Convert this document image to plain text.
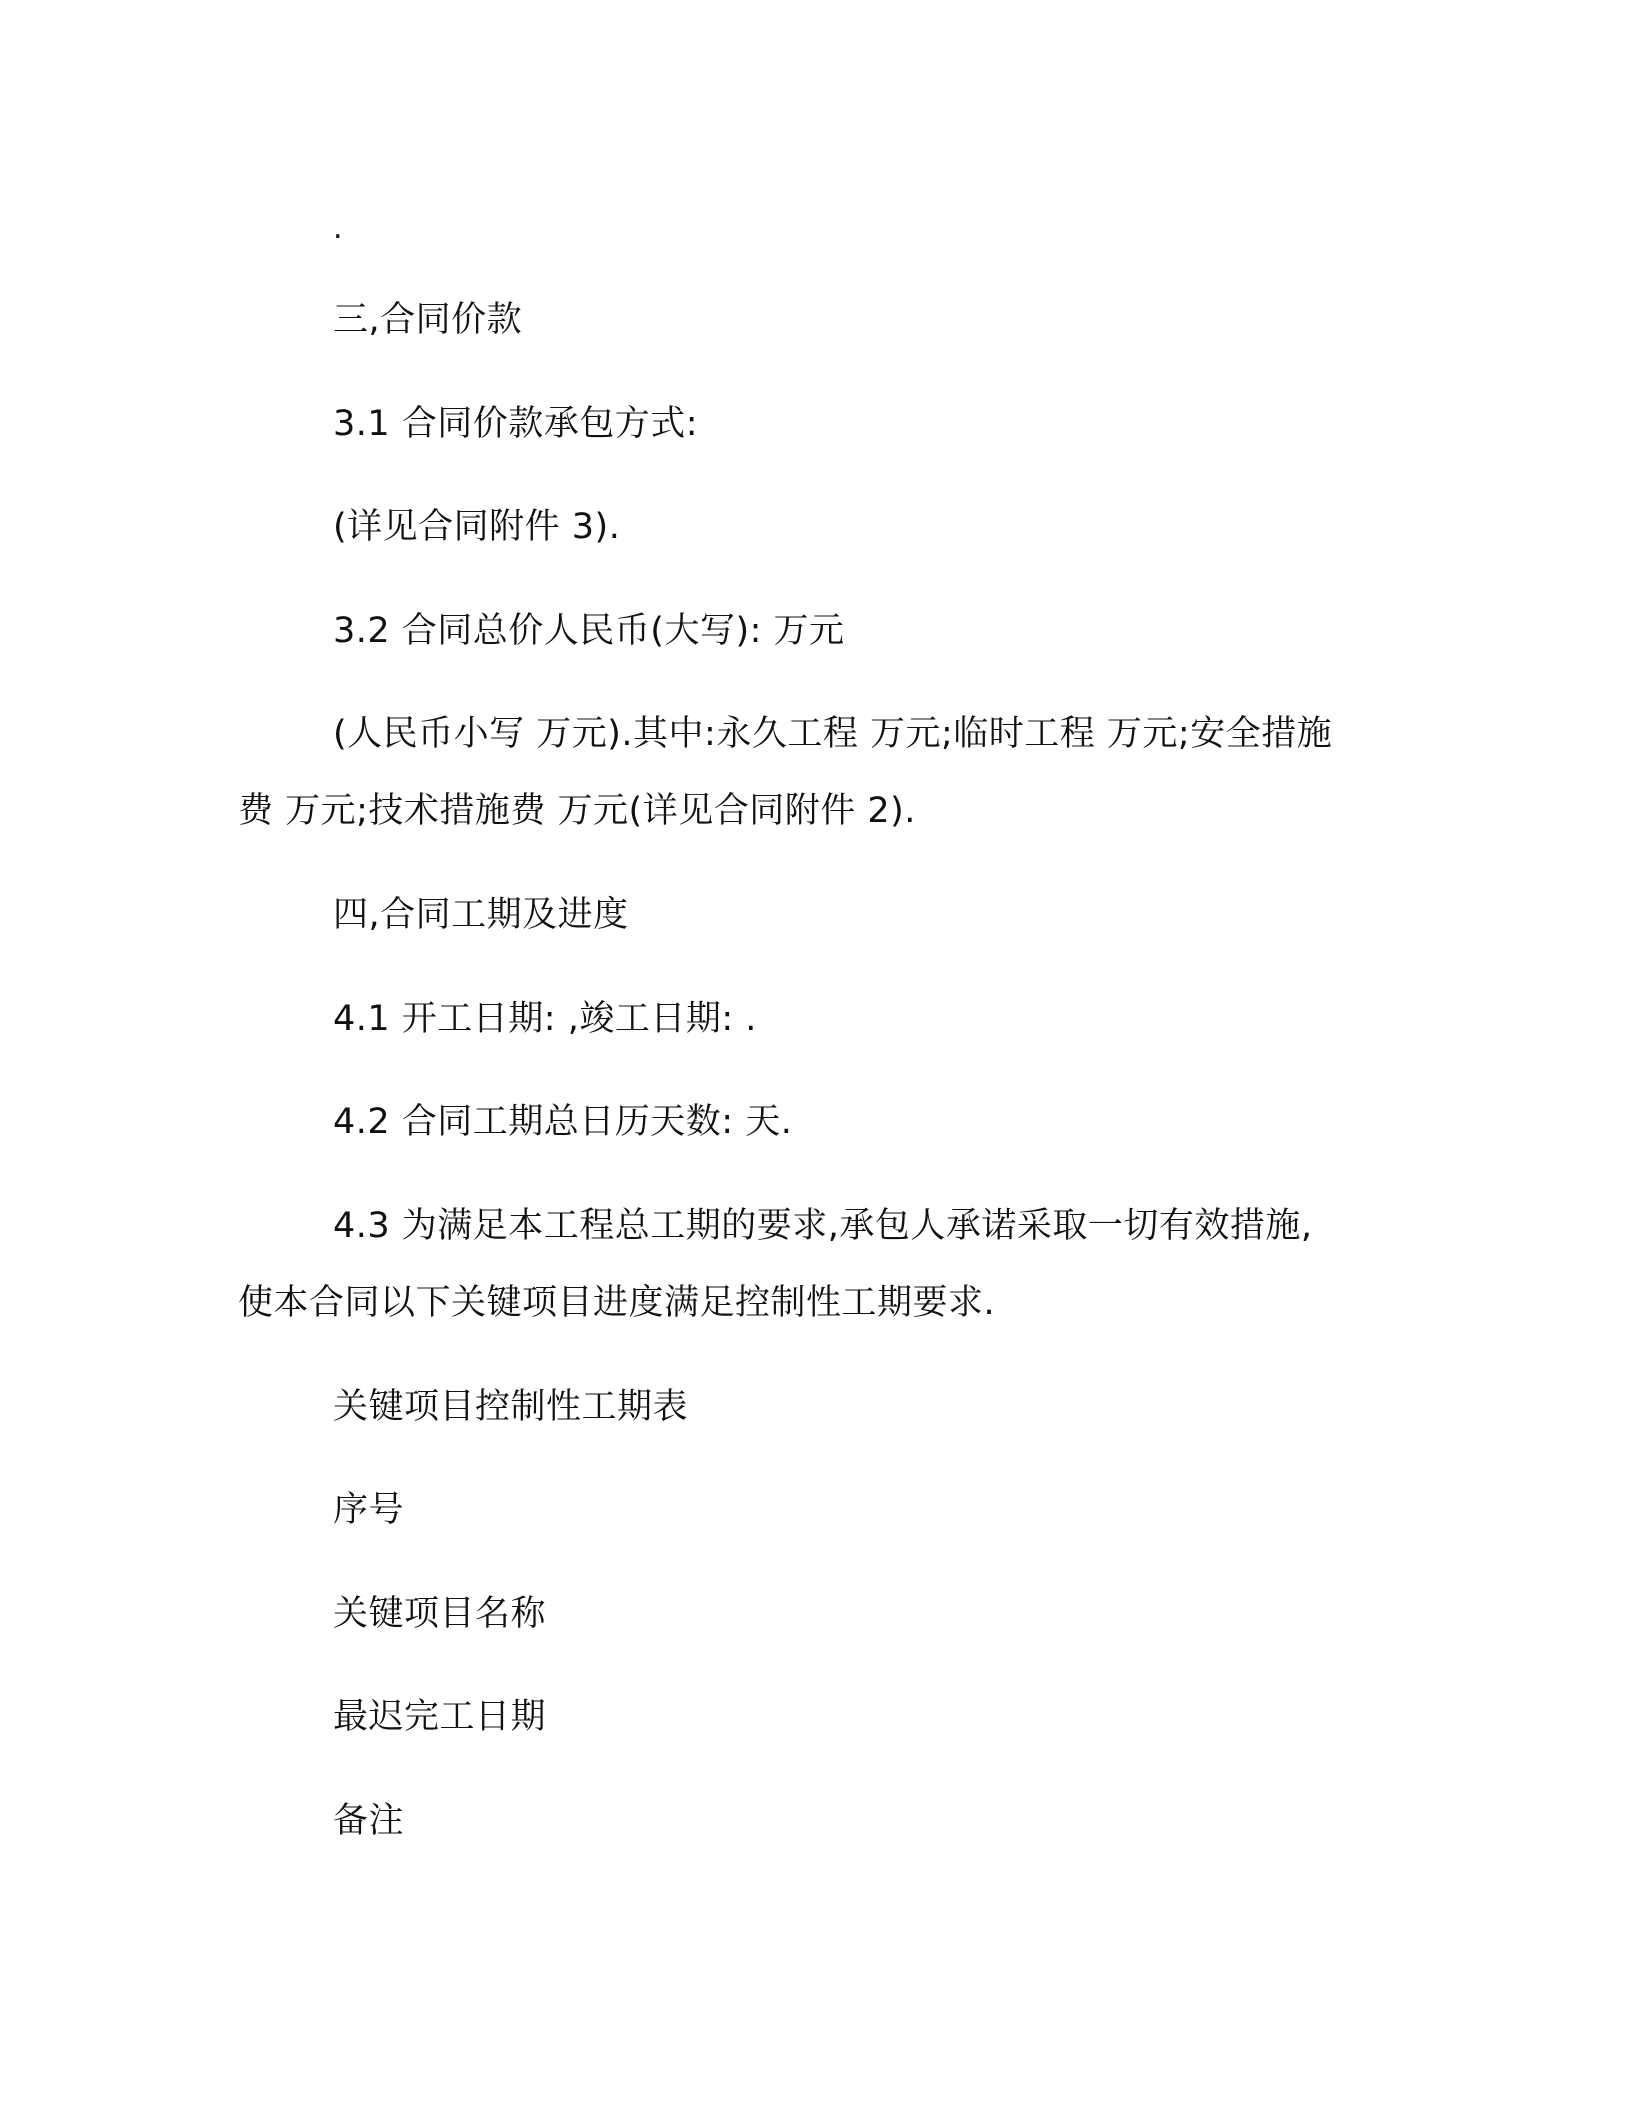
.
三,合同价款
3.1 合同价款承包方式:
(详见合同附件 3).
3.2 合同总价人民币(大写): 万元
(人民币小写 万元).其中:永久工程 万元;临时工程 万元;安全措施
费 万元;技术措施费 万元(详见合同附件 2).
四,合同工期及进度
4.1 开工日期: ,竣工日期: .
4.2 合同工期总日历天数: 天.
4.3 为满足本工程总工期的要求,承包人承诺采取一切有效措施,
使本合同以下关键项目进度满足控制性工期要求.
关键项目控制性工期表
序号
关键项目名称
最迟完工日期
备注
